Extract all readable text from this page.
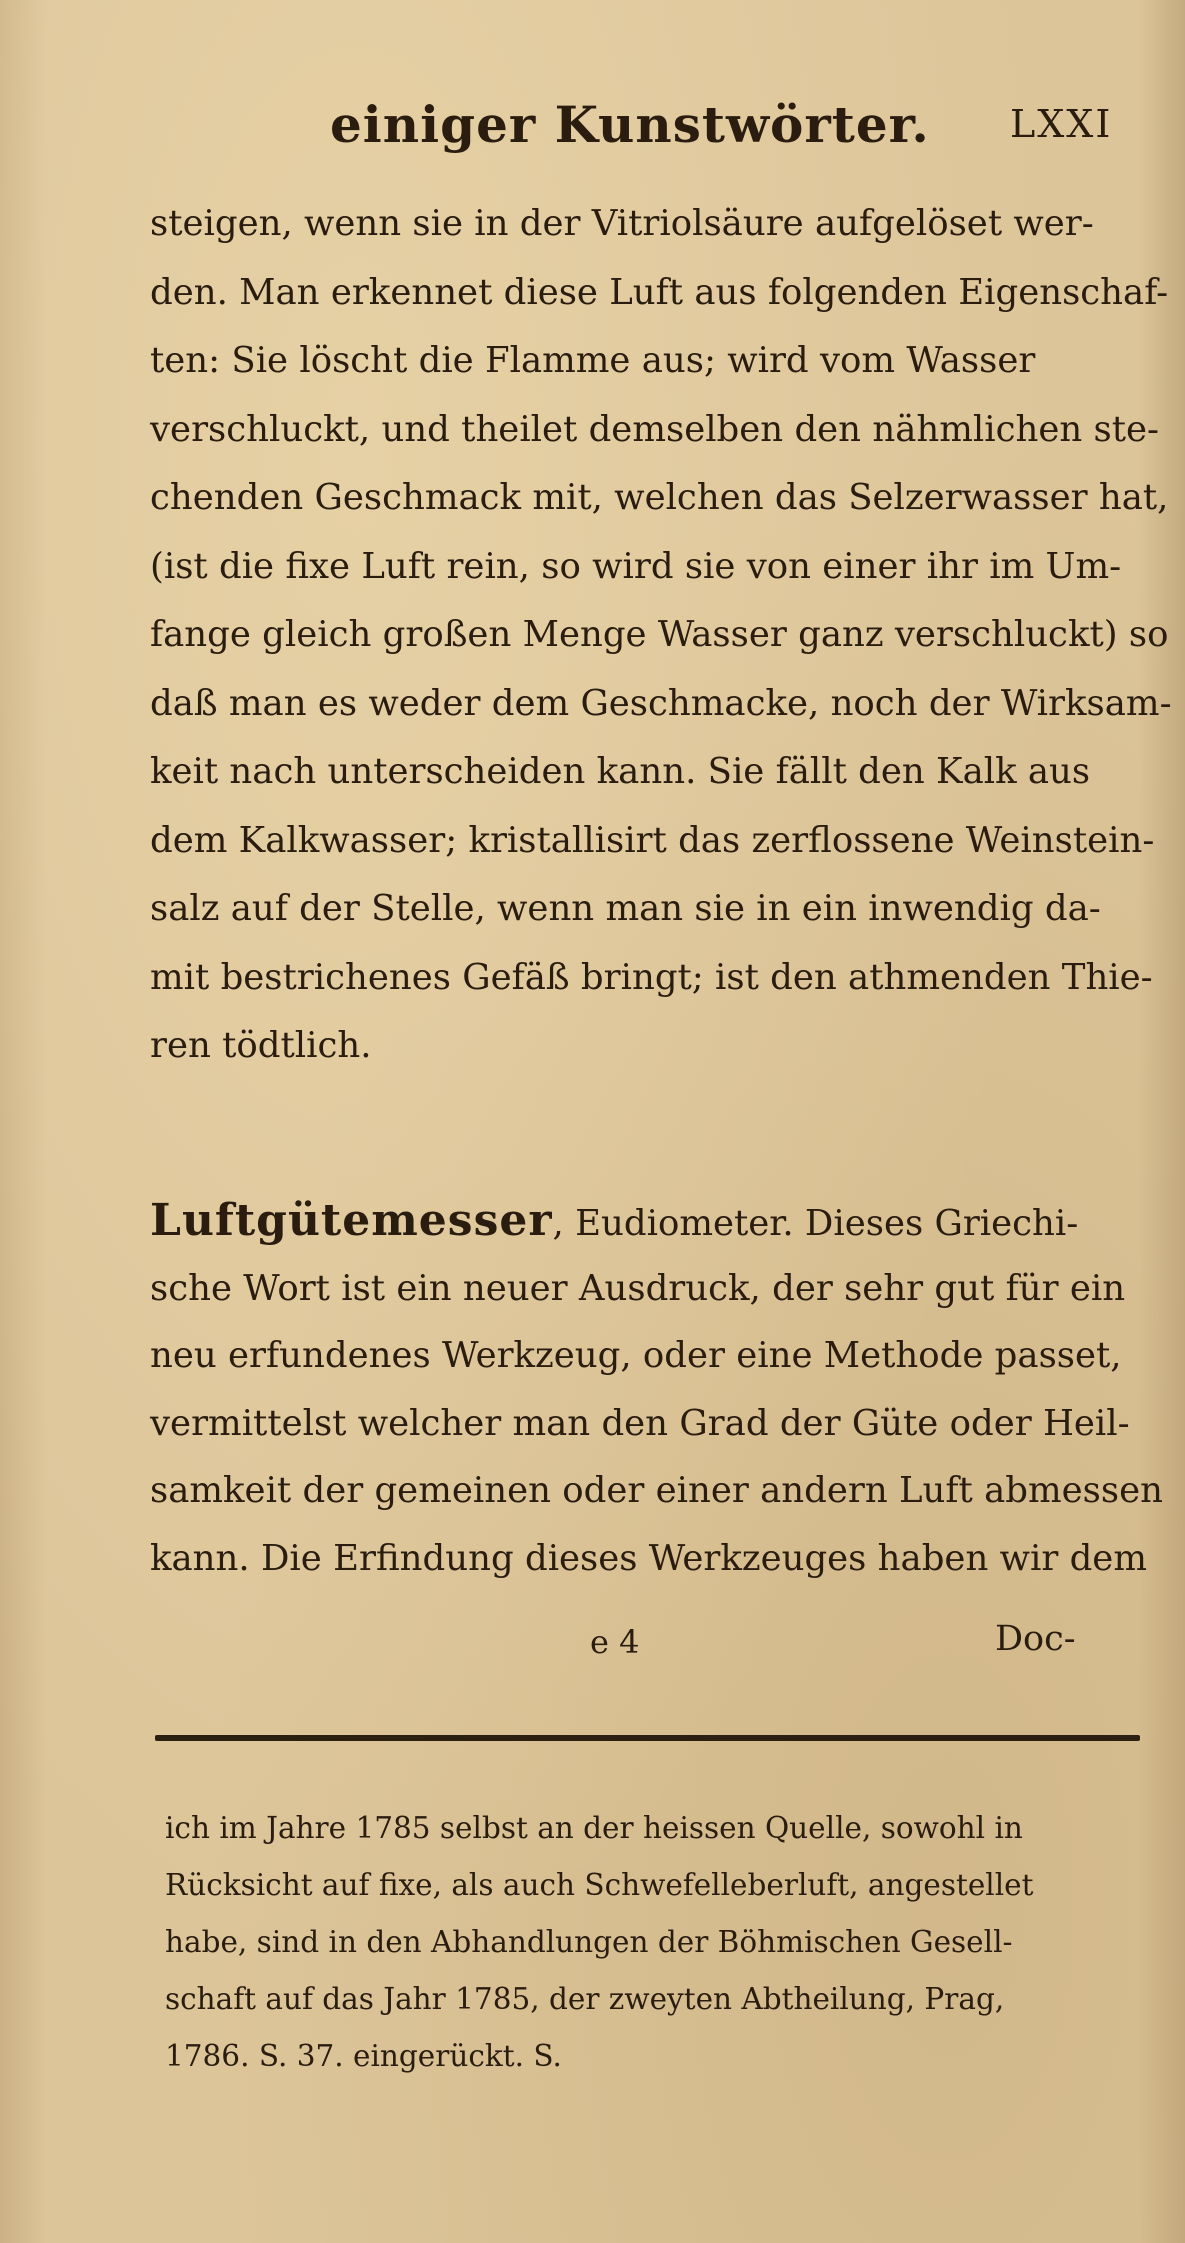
einiger Kunstwörter. LXXI
steigen, wenn sie in der Vitriolsäure aufgelöset wer-
den. Man erkennet diese Luft aus folgenden Eigenschaf-
ten: Sie löscht die Flamme aus; wird vom Wasser
verschluckt, und theilet demselben den nähmlichen ste-
chenden Geschmack mit, welchen das Selzerwasser hat,
(ist die fixe Luft rein, so wird sie von einer ihr im Um-
fange gleich großen Menge Wasser ganz verschluckt) so
daß man es weder dem Geschmacke, noch der Wirksam-
keit nach unterscheiden kann. Sie fällt den Kalk aus
dem Kalkwasser; kristallisirt das zerflossene Weinstein-
salz auf der Stelle, wenn man sie in ein inwendig da-
mit bestrichenes Gefäß bringt; ist den athmenden Thie-
ren tödtlich.
Luftgütemesser, Eudiometer. Dieses Griechi-
sche Wort ist ein neuer Ausdruck, der sehr gut für ein
neu erfundenes Werkzeug, oder eine Methode passet,
vermittelst welcher man den Grad der Güte oder Heil-
samkeit der gemeinen oder einer andern Luft abmessen
kann. Die Erfindung dieses Werkzeuges haben wir dem
e 4	Doc-
ich im Jahre 1785 selbst an der heissen Quelle, sowohl in
Rücksicht auf fixe, als auch Schwefelleberluft, angestellet
habe, sind in den Abhandlungen der Böhmischen Gesell-
schaft auf das Jahr 1785, der zweyten Abtheilung, Prag,
1786. S. 37. eingerückt. S.
